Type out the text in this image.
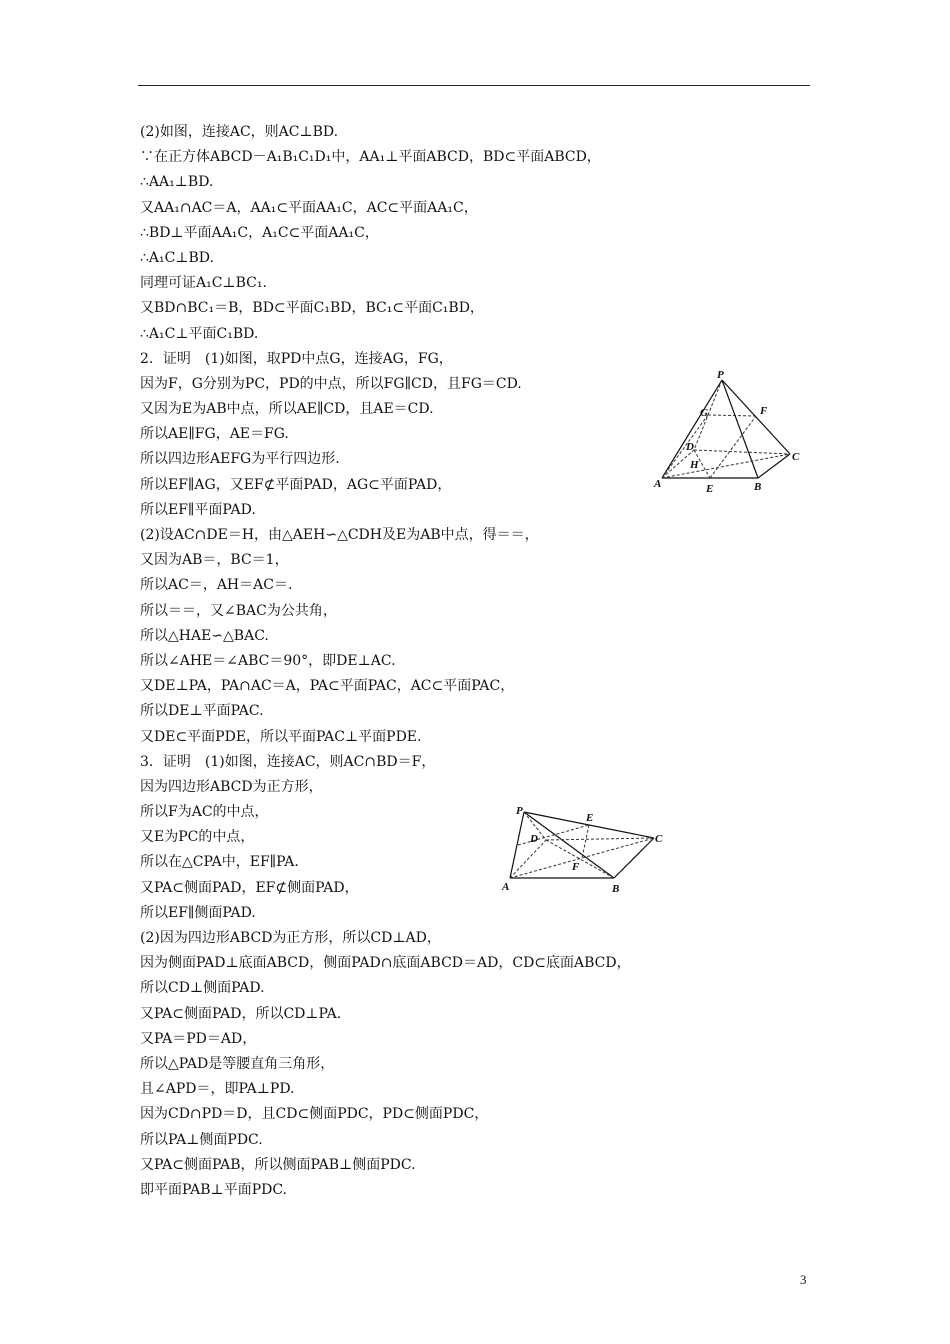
(2)如图，连接AC，则AC⊥BD.
∵在正方体ABCD－A₁B₁C₁D₁中，AA₁⊥平面ABCD，BD⊂平面ABCD，
∴AA₁⊥BD.
又AA₁∩AC＝A，AA₁⊂平面AA₁C，AC⊂平面AA₁C，
∴BD⊥平面AA₁C，A₁C⊂平面AA₁C，
∴A₁C⊥BD.
同理可证A₁C⊥BC₁.
又BD∩BC₁＝B，BD⊂平面C₁BD，BC₁⊂平面C₁BD，
∴A₁C⊥平面C₁BD.
2．证明　(1)如图，取PD中点G，连接AG，FG，
因为F，G分别为PC，PD的中点，所以FG∥CD，且FG＝CD.
又因为E为AB中点，所以AE∥CD，且AE＝CD.
所以AE∥FG，AE＝FG.
所以四边形AEFG为平行四边形.
所以EF∥AG，又EF⊄平面PAD，AG⊂平面PAD，
所以EF∥平面PAD.
(2)设AC∩DE＝H，由△AEH∽△CDH及E为AB中点，得＝＝，
又因为AB＝，BC＝1，
所以AC＝，AH＝AC＝.
所以＝＝，又∠BAC为公共角，
所以△HAE∽△BAC.
所以∠AHE＝∠ABC＝90°，即DE⊥AC.
又DE⊥PA，PA∩AC＝A，PA⊂平面PAC，AC⊂平面PAC，
所以DE⊥平面PAC.
又DE⊂平面PDE，所以平面PAC⊥平面PDE.
3．证明　(1)如图，连接AC，则AC∩BD＝F，
因为四边形ABCD为正方形，
所以F为AC的中点，
又E为PC的中点，
所以在△CPA中，EF∥PA.
又PA⊂侧面PAD，EF⊄侧面PAD，
所以EF∥侧面PAD.
(2)因为四边形ABCD为正方形，所以CD⊥AD，
因为侧面PAD⊥底面ABCD，侧面PAD∩底面ABCD＝AD，CD⊂底面ABCD，
所以CD⊥侧面PAD.
又PA⊂侧面PAD，所以CD⊥PA.
又PA＝PD＝AD，
所以△PAD是等腰直角三角形，
且∠APD＝，即PA⊥PD.
因为CD∩PD＝D，且CD⊂侧面PDC，PD⊂侧面PDC，
所以PA⊥侧面PDC.
又PA⊂侧面PAB，所以侧面PAB⊥侧面PDC.
即平面PAB⊥平面PDC.
P
G	F
D
C
H
A	E	B
P
E
D	C
F
A	B
3
